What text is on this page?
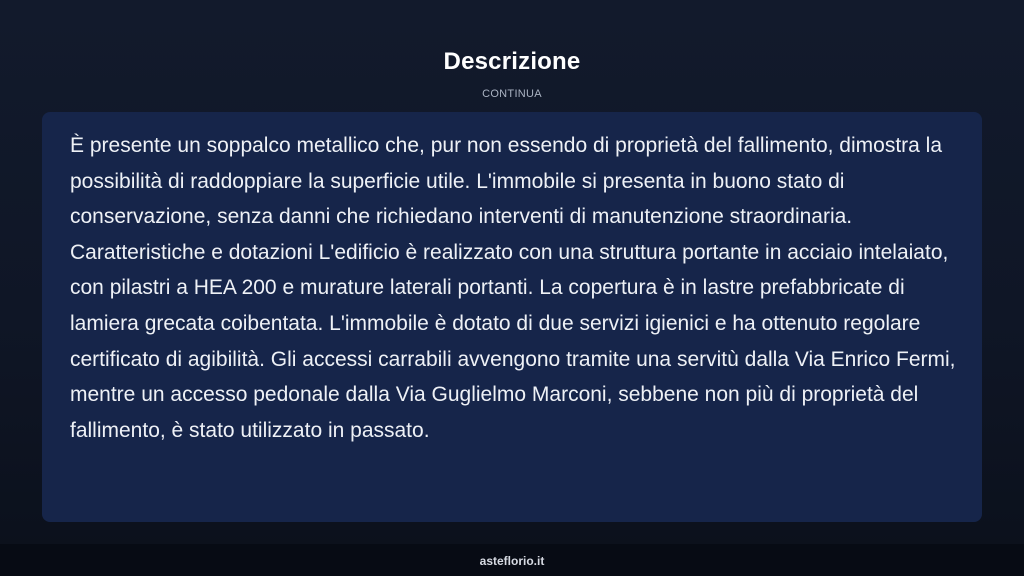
Descrizione
CONTINUA

È presente un soppalco metallico che, pur non essendo di proprietà del fallimento, dimostra la possibilità di raddoppiare la superficie utile. L'immobile si presenta in buono stato di conservazione, senza danni che richiedano interventi di manutenzione straordinaria. Caratteristiche e dotazioni L'edificio è realizzato con una struttura portante in acciaio intelaiato, con pilastri a HEA 200 e murature laterali portanti. La copertura è in lastre prefabbricate di lamiera grecata coibentata. L'immobile è dotato di due servizi igienici e ha ottenuto regolare certificato di agibilità. Gli accessi carrabili avvengono tramite una servitù dalla Via Enrico Fermi, mentre un accesso pedonale dalla Via Guglielmo Marconi, sebbene non più di proprietà del fallimento, è stato utilizzato in passato.

asteflorio.it
